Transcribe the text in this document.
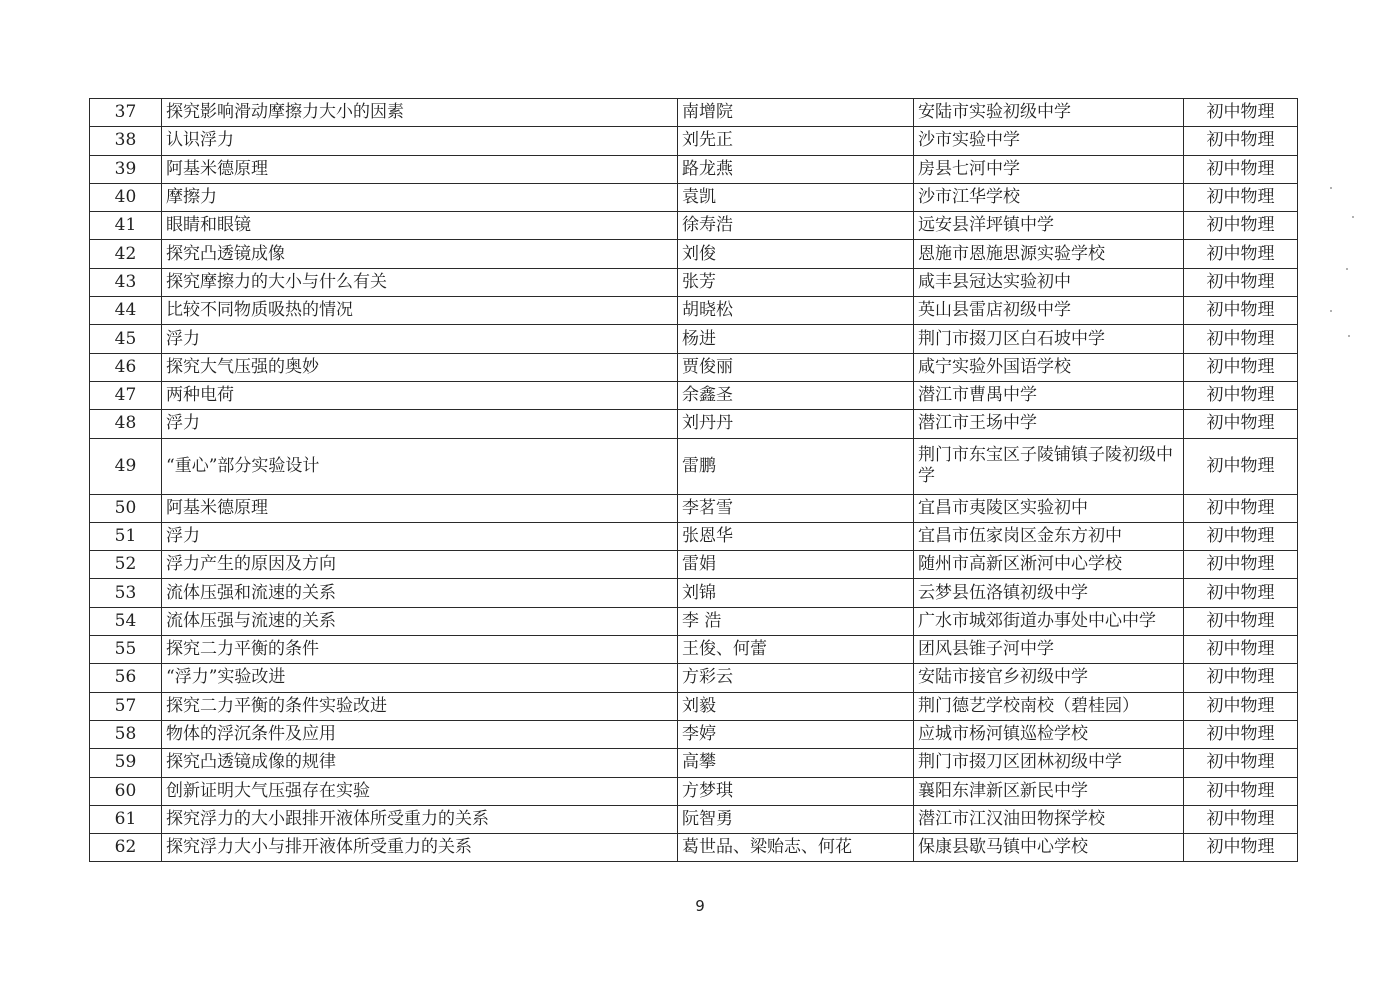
37	探究影响滑动摩擦力大小的因素	南增院	安陆市实验初级中学	初中物理
38	认识浮力	刘先正	沙市实验中学	初中物理
39	阿基米德原理	路龙燕	房县七河中学	初中物理
40	摩擦力	袁凯	沙市江华学校	初中物理
41	眼睛和眼镜	徐寿浩	远安县洋坪镇中学	初中物理
42	探究凸透镜成像	刘俊	恩施市恩施思源实验学校	初中物理
43	探究摩擦力的大小与什么有关	张芳	咸丰县冠达实验初中	初中物理
44	比较不同物质吸热的情况	胡晓松	英山县雷店初级中学	初中物理
45	浮力	杨进	荆门市掇刀区白石坡中学	初中物理
46	探究大气压强的奥妙	贾俊丽	咸宁实验外国语学校	初中物理
47	两种电荷	余鑫圣	潜江市曹禺中学	初中物理
48	浮力	刘丹丹	潜江市王场中学	初中物理
49	“重心”部分实验设计	雷鹏	荆门市东宝区子陵铺镇子陵初级中学	初中物理
50	阿基米德原理	李茗雪	宜昌市夷陵区实验初中	初中物理
51	浮力	张恩华	宜昌市伍家岗区金东方初中	初中物理
52	浮力产生的原因及方向	雷娟	随州市高新区淅河中心学校	初中物理
53	流体压强和流速的关系	刘锦	云梦县伍洛镇初级中学	初中物理
54	流体压强与流速的关系	李 浩	广水市城郊街道办事处中心中学	初中物理
55	探究二力平衡的条件	王俊、何蕾	团风县锥子河中学	初中物理
56	“浮力”实验改进	方彩云	安陆市接官乡初级中学	初中物理
57	探究二力平衡的条件实验改进	刘毅	荆门德艺学校南校（碧桂园）	初中物理
58	物体的浮沉条件及应用	李婷	应城市杨河镇巡检学校	初中物理
59	探究凸透镜成像的规律	高攀	荆门市掇刀区团林初级中学	初中物理
60	创新证明大气压强存在实验	方梦琪	襄阳东津新区新民中学	初中物理
61	探究浮力的大小跟排开液体所受重力的关系	阮智勇	潜江市江汉油田物探学校	初中物理
62	探究浮力大小与排开液体所受重力的关系	葛世品、梁贻志、何花	保康县歇马镇中心学校	初中物理
9
